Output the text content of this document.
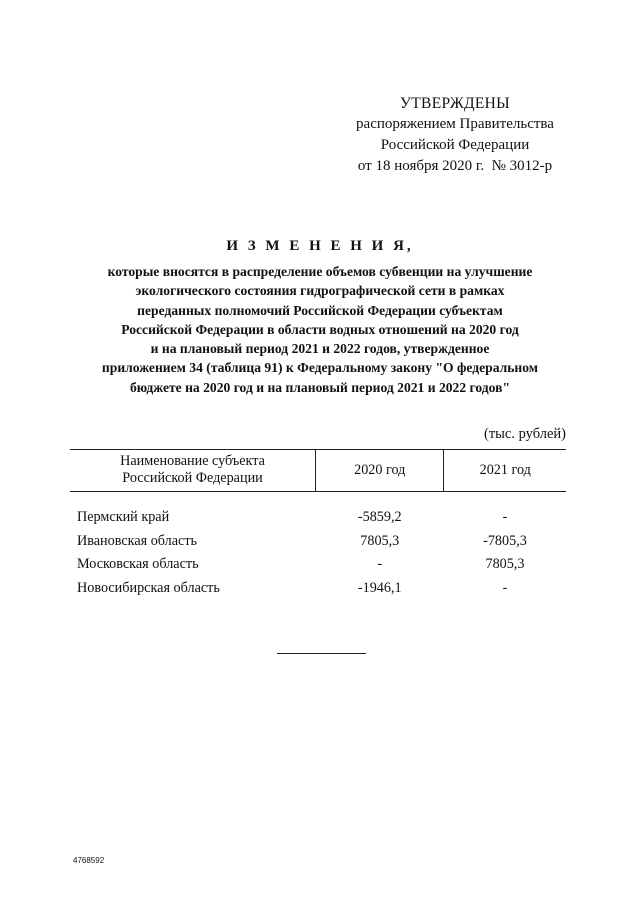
УТВЕРЖДЕНЫ
распоряжением Правительства
Российской Федерации
от 18 ноября 2020 г.  № 3012-р
И З М Е Н Е Н И Я,
которые вносятся в распределение объемов субвенции на улучшение
экологического состояния гидрографической сети в рамках
переданных полномочий Российской Федерации субъектам
Российской Федерации в области водных отношений на 2020 год
и на плановый период 2021 и 2022 годов, утвержденное
приложением 34 (таблица 91) к Федеральному закону "О федеральном
бюджете на 2020 год и на плановый период 2021 и 2022 годов"
(тыс. рублей)
Наименование субъекта
Российской Федерации	2020 год	2021 год

Пермский край	-5859,2	-
Ивановская область	7805,3	-7805,3
Московская область	-	7805,3
Новосибирская область	-1946,1	-
4768592
